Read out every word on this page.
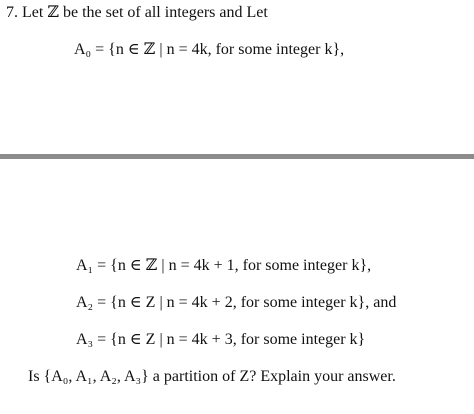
7. Let ℤ be the set of all integers and Let
A₀ = {n ∈ ℤ | n = 4k, for some integer k},
A₁ = {n ∈ ℤ | n = 4k + 1, for some integer k},
A₂ = {n ∈ Z | n = 4k + 2, for some integer k}, and
A₃ = {n ∈ Z | n = 4k + 3, for some integer k}
Is {A₀, A₁, A₂, A₃} a partition of Z? Explain your answer.
